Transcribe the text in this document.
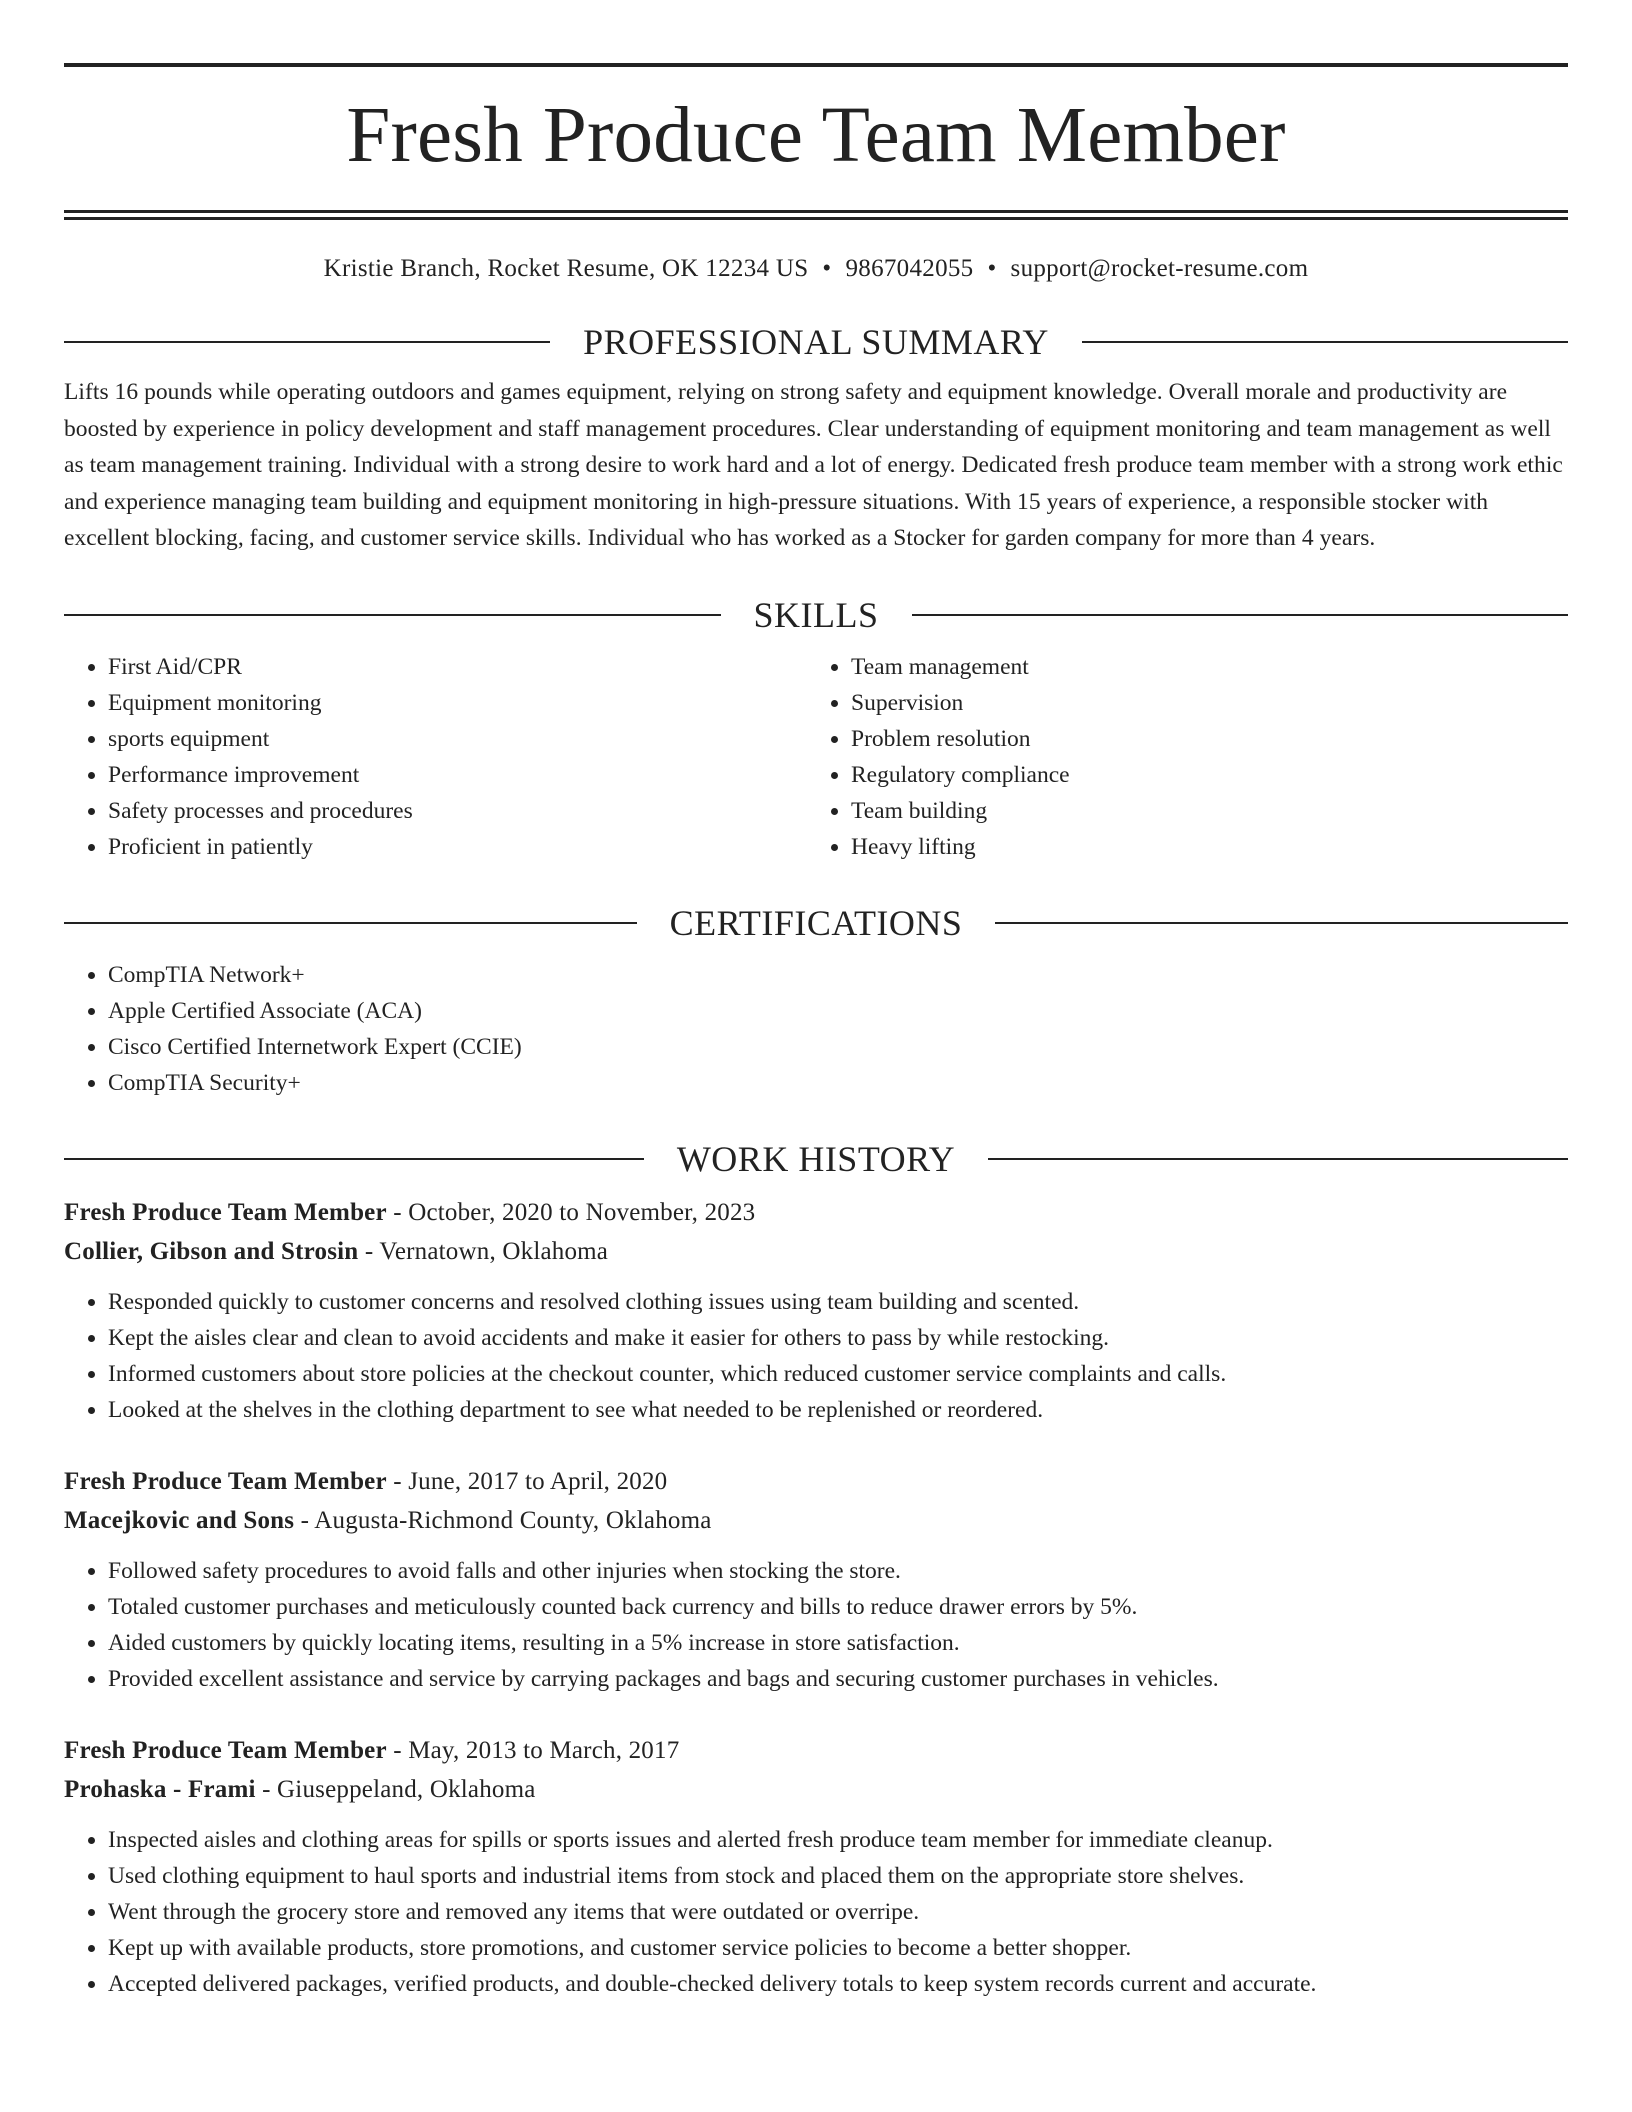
Fresh Produce Team Member
Kristie Branch, Rocket Resume, OK 12234 US • 9867042055 • support@rocket-resume.com
PROFESSIONAL SUMMARY
Lifts 16 pounds while operating outdoors and games equipment, relying on strong safety and equipment knowledge. Overall morale and productivity are boosted by experience in policy development and staff management procedures. Clear understanding of equipment monitoring and team management as well as team management training. Individual with a strong desire to work hard and a lot of energy. Dedicated fresh produce team member with a strong work ethic and experience managing team building and equipment monitoring in high-pressure situations. With 15 years of experience, a responsible stocker with excellent blocking, facing, and customer service skills. Individual who has worked as a Stocker for garden company for more than 4 years.
SKILLS
• First Aid/CPR
• Equipment monitoring
• sports equipment
• Performance improvement
• Safety processes and procedures
• Proficient in patiently
• Team management
• Supervision
• Problem resolution
• Regulatory compliance
• Team building
• Heavy lifting
CERTIFICATIONS
• CompTIA Network+
• Apple Certified Associate (ACA)
• Cisco Certified Internetwork Expert (CCIE)
• CompTIA Security+
WORK HISTORY
Fresh Produce Team Member - October, 2020 to November, 2023
Collier, Gibson and Strosin - Vernatown, Oklahoma
• Responded quickly to customer concerns and resolved clothing issues using team building and scented.
• Kept the aisles clear and clean to avoid accidents and make it easier for others to pass by while restocking.
• Informed customers about store policies at the checkout counter, which reduced customer service complaints and calls.
• Looked at the shelves in the clothing department to see what needed to be replenished or reordered.
Fresh Produce Team Member - June, 2017 to April, 2020
Macejkovic and Sons - Augusta-Richmond County, Oklahoma
• Followed safety procedures to avoid falls and other injuries when stocking the store.
• Totaled customer purchases and meticulously counted back currency and bills to reduce drawer errors by 5%.
• Aided customers by quickly locating items, resulting in a 5% increase in store satisfaction.
• Provided excellent assistance and service by carrying packages and bags and securing customer purchases in vehicles.
Fresh Produce Team Member - May, 2013 to March, 2017
Prohaska - Frami - Giuseppeland, Oklahoma
• Inspected aisles and clothing areas for spills or sports issues and alerted fresh produce team member for immediate cleanup.
• Used clothing equipment to haul sports and industrial items from stock and placed them on the appropriate store shelves.
• Went through the grocery store and removed any items that were outdated or overripe.
• Kept up with available products, store promotions, and customer service policies to become a better shopper.
• Accepted delivered packages, verified products, and double-checked delivery totals to keep system records current and accurate.
